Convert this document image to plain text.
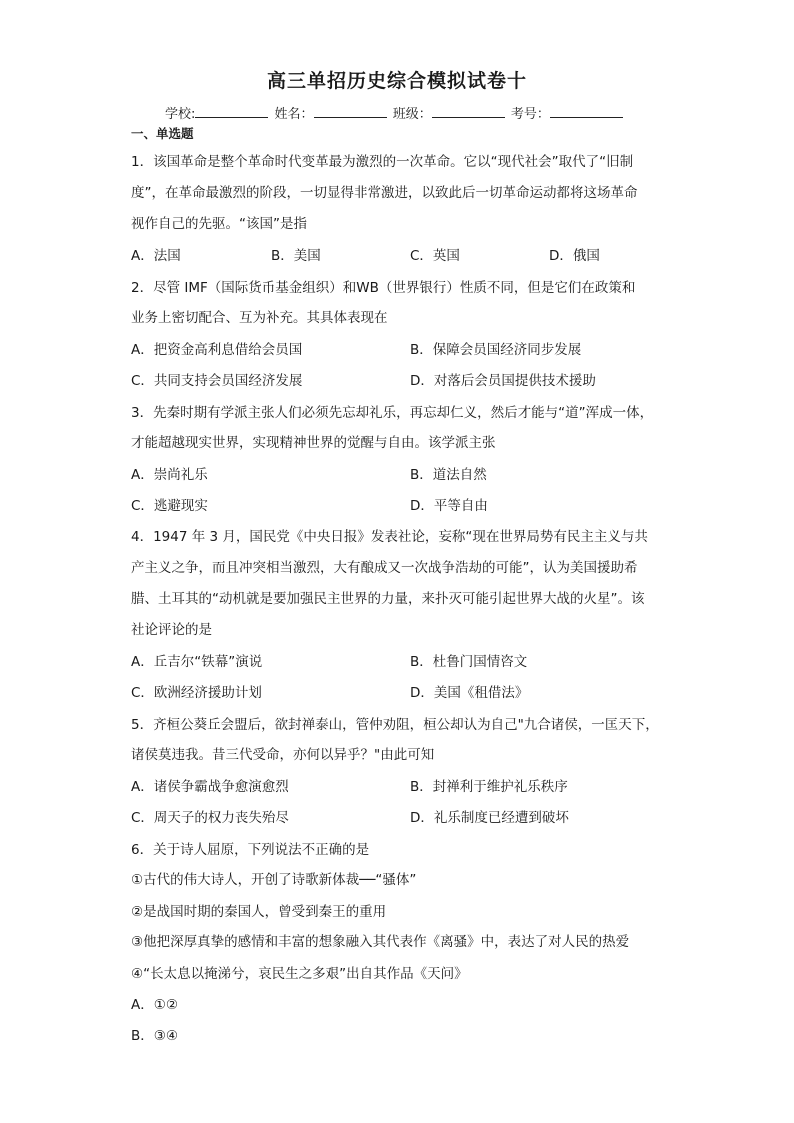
高三单招历史综合模拟试卷十
学校:	姓名：	班级：	考号：
一、单选题
1．该国革命是整个革命时代变革最为激烈的一次革命。它以“现代社会”取代了“旧制
度”，在革命最激烈的阶段，一切显得非常激进，以致此后一切革命运动都将这场革命
视作自己的先驱。“该国”是指
A．法国	B．美国	C．英国	D．俄国
2．尽管 IMF（国际货币基金组织）和WB（世界银行）性质不同，但是它们在政策和
业务上密切配合、互为补充。其具体表现在
A．把资金高利息借给会员国	B．保障会员国经济同步发展
C．共同支持会员国经济发展	D．对落后会员国提供技术援助
3．先秦时期有学派主张人们必须先忘却礼乐，再忘却仁义，然后才能与“道”浑成一体，
才能超越现实世界，实现精神世界的觉醒与自由。该学派主张
A．崇尚礼乐	B．道法自然
C．逃避现实	D．平等自由
4．1947 年 3 月，国民党《中央日报》发表社论，妄称“现在世界局势有民主主义与共
产主义之争，而且冲突相当激烈，大有酿成又一次战争浩劫的可能”，认为美国援助希
腊、土耳其的“动机就是要加强民主世界的力量，来扑灭可能引起世界大战的火星”。该
社论评论的是
A．丘吉尔“铁幕”演说	B．杜鲁门国情咨文
C．欧洲经济援助计划	D．美国《租借法》
5．齐桓公葵丘会盟后，欲封禅泰山，管仲劝阻，桓公却认为自己"九合诸侯，一匡天下，
诸侯莫违我。昔三代受命，亦何以异乎？"由此可知
A．诸侯争霸战争愈演愈烈	B．封禅利于维护礼乐秩序
C．周天子的权力丧失殆尽	D．礼乐制度已经遭到破坏
6．关于诗人屈原，下列说法不正确的是
①古代的伟大诗人，开创了诗歌新体裁──“骚体”
②是战国时期的秦国人，曾受到秦王的重用
③他把深厚真挚的感情和丰富的想象融入其代表作《离骚》中，表达了对人民的热爱
④“长太息以掩涕兮，哀民生之多艰”出自其作品《天问》
A．①②
B．③④
